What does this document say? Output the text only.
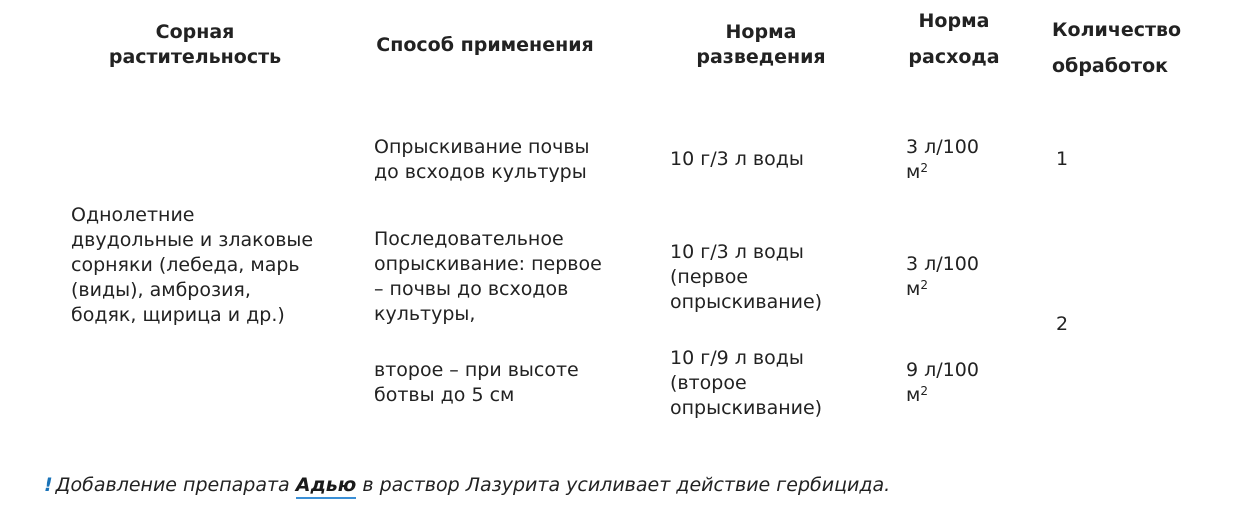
Сорная
растительность
Способ применения
Норма
разведения
Норма
расхода
Количество
обработок
Однолетние
двудольные и злаковые
сорняки (лебеда, марь
(виды), амброзия,
бодяк, щирица и др.)
Опрыскивание почвы
до всходов культуры
10 г/3 л воды
3 л/100
$м^2$	1
Последовательное
опрыскивание: первое
– почвы до всходов
культуры,
10 г/3 л воды
(первое
опрыскивание)
3 л/100
$м^2$
2
второе – при высоте
ботвы до 5 см
10 г/9 л воды
(второе
опрыскивание)
9 л/100
$м^2$
! Добавление препарата Адью в раствор Лазурита усиливает действие гербицида.
